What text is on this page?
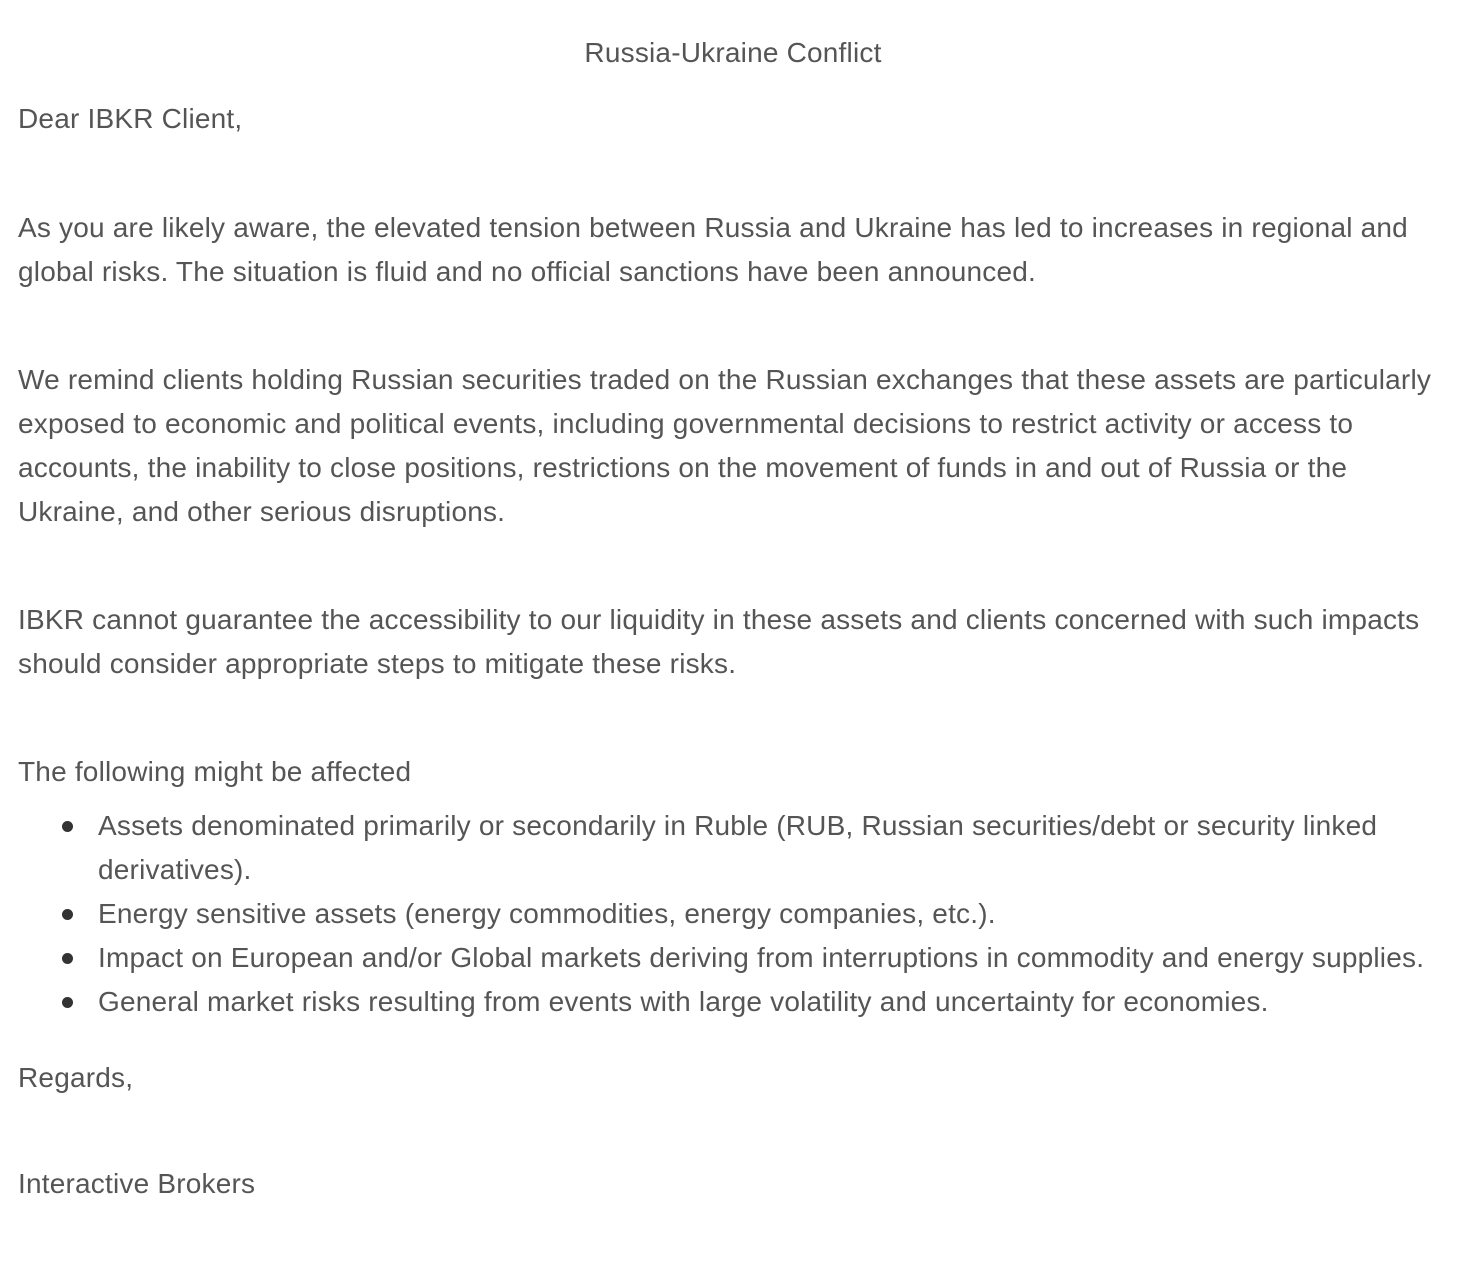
Russia-Ukraine Conflict

Dear IBKR Client,

As you are likely aware, the elevated tension between Russia and Ukraine has led to increases in regional and global risks. The situation is fluid and no official sanctions have been announced.

We remind clients holding Russian securities traded on the Russian exchanges that these assets are particularly exposed to economic and political events, including governmental decisions to restrict activity or access to accounts, the inability to close positions, restrictions on the movement of funds in and out of Russia or the Ukraine, and other serious disruptions.

IBKR cannot guarantee the accessibility to our liquidity in these assets and clients concerned with such impacts should consider appropriate steps to mitigate these risks.

The following might be affected

Assets denominated primarily or secondarily in Ruble (RUB, Russian securities/debt or security linked derivatives).
Energy sensitive assets (energy commodities, energy companies, etc.).
Impact on European and/or Global markets deriving from interruptions in commodity and energy supplies.
General market risks resulting from events with large volatility and uncertainty for economies.

Regards,

Interactive Brokers
